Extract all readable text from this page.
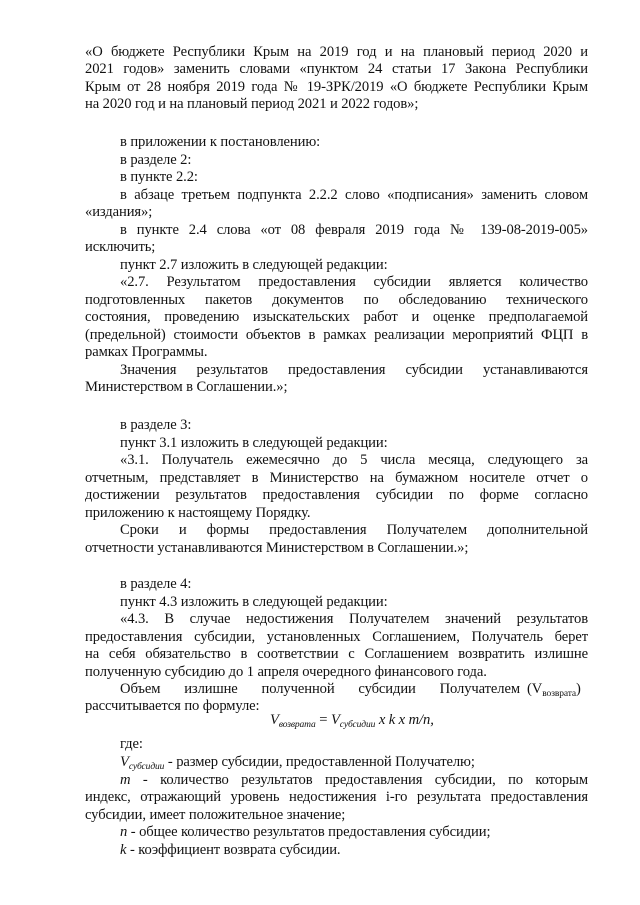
«О бюджете Республики Крым на 2019 год и на плановый период 2020 и
2021 годов» заменить словами «пунктом 24 статьи 17 Закона Республики
Крым от 28 ноября 2019 года № 19-ЗРК/2019 «О бюджете Республики Крым
на 2020 год и на плановый период 2021 и 2022 годов»;
в приложении к постановлению:
в разделе 2:
в пункте 2.2:
в абзаце третьем подпункта 2.2.2 слово «подписания» заменить словом
«издания»;
в пункте 2.4 слова «от 08 февраля 2019 года № 139-08-2019-005»
исключить;
пункт 2.7 изложить в следующей редакции:
«2.7. Результатом предоставления субсидии является количество
подготовленных пакетов документов по обследованию технического
состояния, проведению изыскательских работ и оценке предполагаемой
(предельной) стоимости объектов в рамках реализации мероприятий ФЦП в
рамках Программы.
Значения результатов предоставления субсидии устанавливаются
Министерством в Соглашении.»;
в разделе 3:
пункт 3.1 изложить в следующей редакции:
«3.1. Получатель ежемесячно до 5 числа месяца, следующего за
отчетным, представляет в Министерство на бумажном носителе отчет о
достижении результатов предоставления субсидии по форме согласно
приложению к настоящему Порядку.
Сроки и формы предоставления Получателем дополнительной
отчетности устанавливаются Министерством в Соглашении.»;
в разделе 4:
пункт 4.3 изложить в следующей редакции:
«4.3. В случае недостижения Получателем значений результатов
предоставления субсидии, установленных Соглашением, Получатель берет
на себя обязательство в соответствии с Соглашением возвратить излишне
полученную субсидию до 1 апреля очередного финансового года.
Объем излишне полученной субсидии Получателем $(V_{возврата})$
рассчитывается по формуле:
$V_{возврата} = V_{субсидии}$ x k x m/n,
где:
$V_{субсидии}$ - размер субсидии, предоставленной Получателю;
m - количество результатов предоставления субсидии, по которым
индекс, отражающий уровень недостижения i-го результата предоставления
субсидии, имеет положительное значение;
n - общее количество результатов предоставления субсидии;
k - коэффициент возврата субсидии.
